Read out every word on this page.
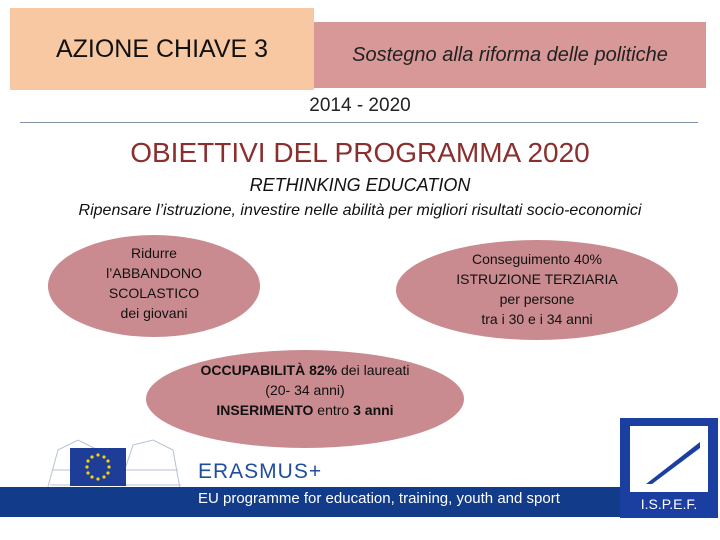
AZIONE CHIAVE 3	Sostegno alla riforma delle politiche
2014 - 2020
OBIETTIVI DEL PROGRAMMA 2020
RETHINKING EDUCATION
Ripensare l’istruzione, investire nelle abilità per migliori risultati socio-economici
Ridurre
l’ABBANDONO
SCOLASTICO
dei giovani
Conseguimento 40%
ISTRUZIONE TERZIARIA
per persone
tra i 30 e i 34 anni
OCCUPABILITÀ 82% dei laureati
(20- 34 anni)
INSERIMENTO entro 3 anni
ERASMUS+
EU programme for education, training, youth and sport	I.S.P.E.F.
